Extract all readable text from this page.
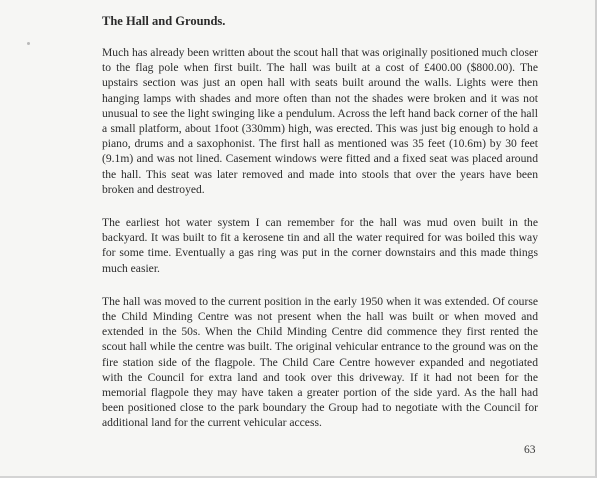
The Hall and Grounds.

Much has already been written about the scout hall that was originally positioned much closer to the flag pole when first built. The hall was built at a cost of £400.00 ($800.00). The upstairs section was just an open hall with seats built around the walls. Lights were then hanging lamps with shades and more often than not the shades were broken and it was not unusual to see the light swinging like a pendulum. Across the left hand back corner of the hall a small platform, about 1foot (330mm) high, was erected. This was just big enough to hold a piano, drums and a saxophonist. The first hall as mentioned was 35 feet (10.6m) by 30 feet (9.1m) and was not lined. Casement windows were fitted and a fixed seat was placed around the hall. This seat was later removed and made into stools that over the years have been broken and destroyed.

The earliest hot water system I can remember for the hall was mud oven built in the backyard. It was built to fit a kerosene tin and all the water required for was boiled this way for some time. Eventually a gas ring was put in the corner downstairs and this made things much easier.

The hall was moved to the current position in the early 1950 when it was extended. Of course the Child Minding Centre was not present when the hall was built or when moved and extended in the 50s. When the Child Minding Centre did commence they first rented the scout hall while the centre was built. The original vehicular entrance to the ground was on the fire station side of the flagpole. The Child Care Centre however expanded and negotiated with the Council for extra land and took over this driveway. If it had not been for the memorial flagpole they may have taken a greater portion of the side yard. As the hall had been positioned close to the park boundary the Group had to negotiate with the Council for additional land for the current vehicular access.

63
